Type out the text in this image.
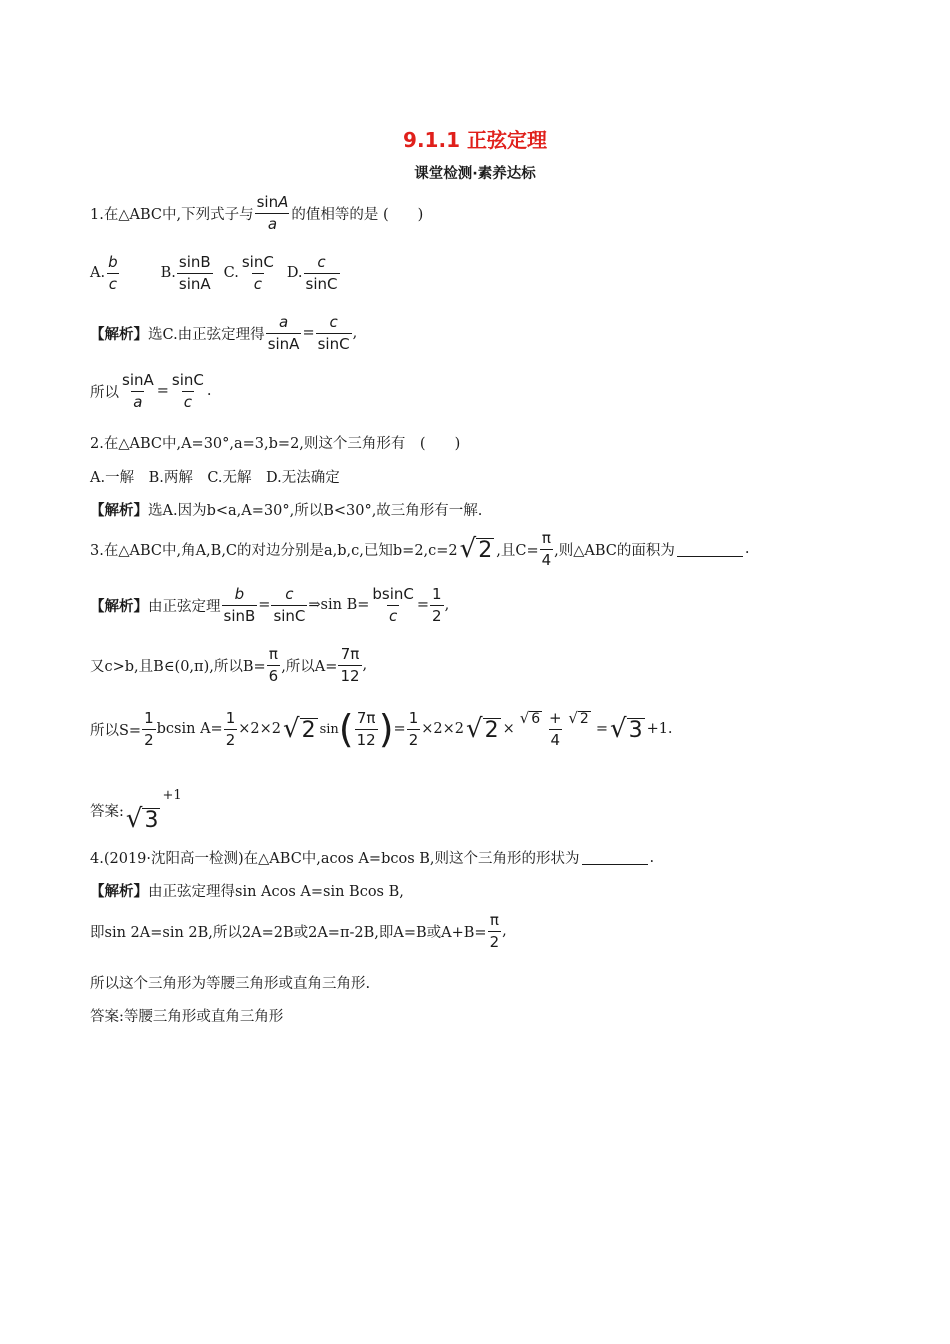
9.1.1 正弦定理
课堂检测·素养达标
1.在△ABC中,下列式子与 $\frac{\sin A}{a}$ 的值相等的是 (　　)
A. $\frac{b}{c}$	B. $\frac{\sin B}{\sin A} C$. $\frac{\sin C}{c} D$. $\frac{c}{\sin C}$
【解析】 选C.由正弦定理得 $\frac{a}{\sin A} = \frac{c}{\sin C}$ ,
所以 $\frac{\sin A}{a} = \frac{\sin C}{c}$ .
2.在△ABC中,A=30°,a=3,b=2,则这个三角形有　(　　)
A.一解　B.两解　C.无解　D.无法确定
【解析】 选A.因为b<a,A=30°,所以B<30°,故三角形有一解.
3.在△ABC中,角A,B,C的对边分别是a,b,c,已知b=2,c=2 √ 2 ,且$C= \frac{\pi}{4}$ ,则△ABC的面积为	.
【解析】 由正弦定理 $\frac{b}{\sin B} = \frac{c}{\sin C}$ ⇒sin $B= \frac{bsinC}{c} = \frac{1}{2}$ ,
又c>b,且B∈(0,π),所以$B= \frac{\pi}{6}$ ,所以$A= \frac{7\pi}{12}$ ,
所以$S= \frac{1}{2}$ bcsin $A= \frac{1}{2} \times 2\times 2$ √ 2 sin ( $\frac{7\pi}{12}$ ) = $\frac{1}{2} \times 2\times 2$ √ $2 \times \frac{√ 6 + √ 2}{4}$ = √ 3 +1.
答案: √ 3
+1
4.(2019·沈阳高一检测)在△ABC中,acos A=bcos B,则这个三角形的形状为	.
【解析】 由正弦定理得sin Acos A=sin Bcos B,
即sin 2A=sin 2B,所以2A=2B或2A=π-2B,即A=B或$A+B= \frac{\pi}{2}$ ,
所以这个三角形为等腰三角形或直角三角形.
答案:等腰三角形或直角三角形
